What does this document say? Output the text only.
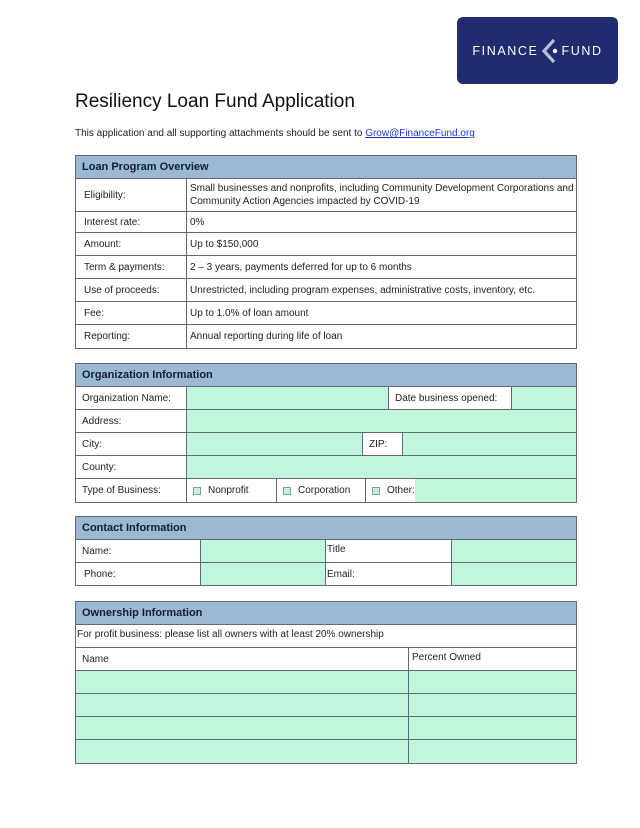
FINANCE FUND
Resiliency Loan Fund Application
This application and all supporting attachments should be sent to Grow@FinanceFund.org
Loan Program Overview
Eligibility:
Small businesses and nonprofits, including Community Development Corporations and Community Action Agencies impacted by COVID-19
Interest rate:	0%
Amount:	Up to $150,000
Term & payments:	2 – 3 years, payments deferred for up to 6 months
Use of proceeds:	Unrestricted, including program expenses, administrative costs, inventory, etc.
Fee:	Up to 1.0% of loan amount
Reporting:	Annual reporting during life of loan
Organization Information
Organization Name:	Date business opened:
Address:
City:	ZIP:
County:
Type of Business:	Nonprofit	Corporation	Other:
Contact Information
Name:	Title
Phone:	Email:
Ownership Information
For profit business: please list all owners with at least 20% ownership
Name	Percent Owned
